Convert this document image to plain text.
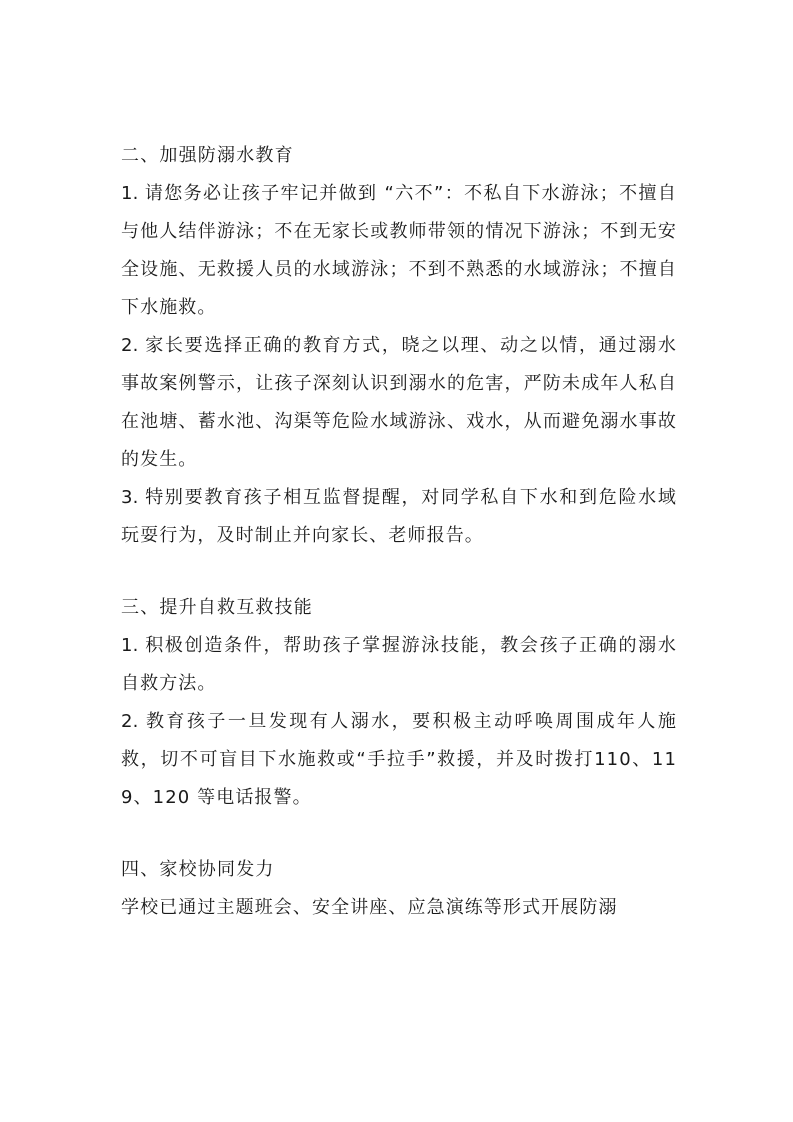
二、加强防溺水教育

1. 请您务必让孩子牢记并做到 “六不”：不私自下水游泳；不擅自与他人结伴游泳；不在无家长或教师带领的情况下游泳；不到无安全设施、无救援人员的水域游泳；不到不熟悉的水域游泳；不擅自下水施救。

2. 家长要选择正确的教育方式，晓之以理、动之以情，通过溺水事故案例警示，让孩子深刻认识到溺水的危害，严防未成年人私自在池塘、蓄水池、沟渠等危险水域游泳、戏水，从而避免溺水事故的发生。

3. 特别要教育孩子相互监督提醒，对同学私自下水和到危险水域玩耍行为，及时制止并向家长、老师报告。

三、提升自救互救技能

1. 积极创造条件，帮助孩子掌握游泳技能，教会孩子正确的溺水自救方法。

2. 教育孩子一旦发现有人溺水，要积极主动呼唤周围成年人施救，切不可盲目下水施救或“手拉手”救援，并及时拨打110、119、120 等电话报警。

四、家校协同发力

学校已通过主题班会、安全讲座、应急演练等形式开展防溺
